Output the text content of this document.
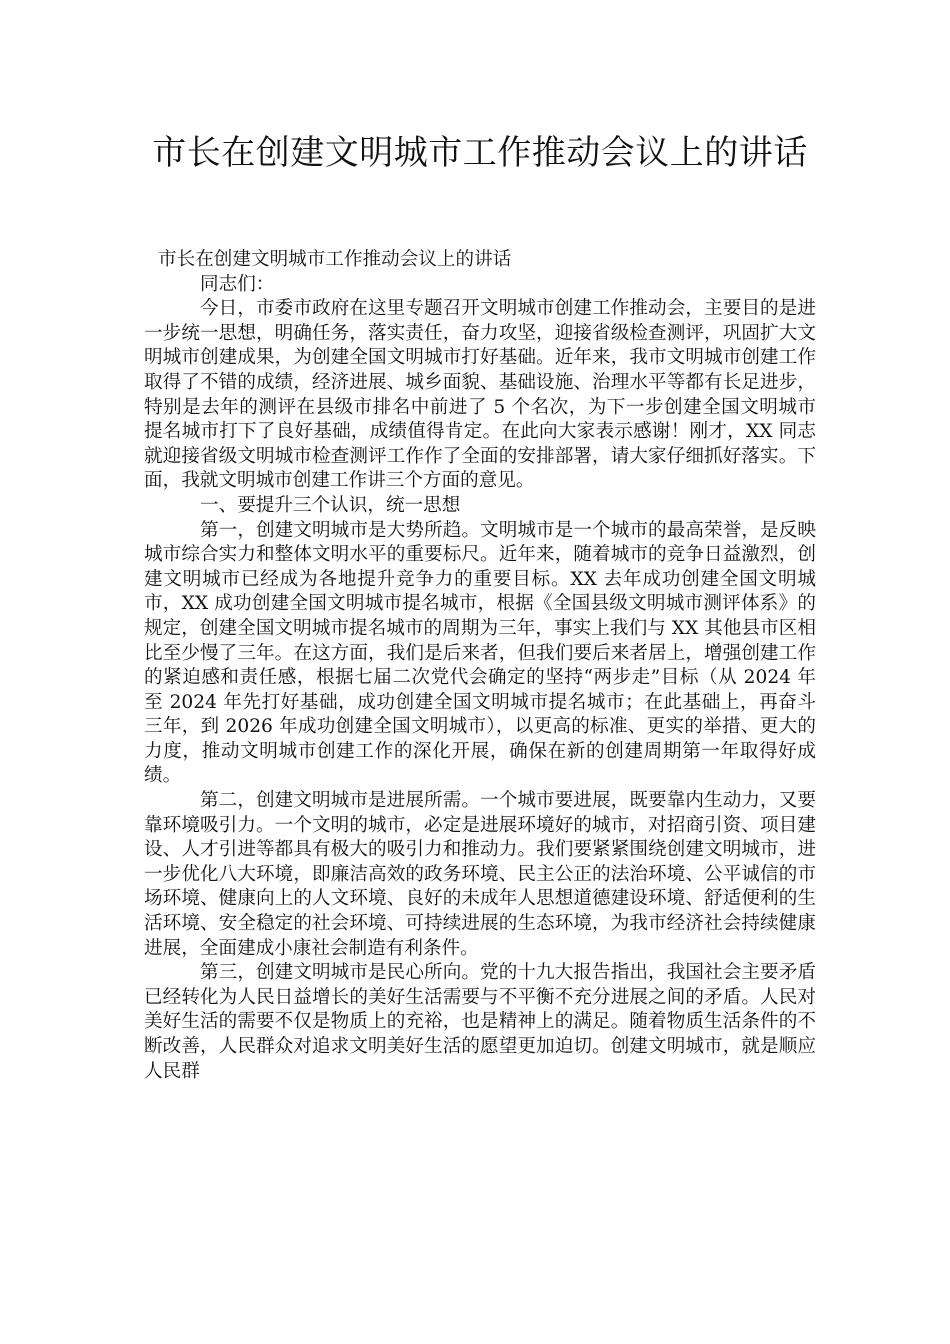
市长在创建文明城市工作推动会议上的讲话

市长在创建文明城市工作推动会议上的讲话

同志们：

今日，市委市政府在这里专题召开文明城市创建工作推动会，主要目的是进一步统一思想，明确任务，落实责任，奋力攻坚，迎接省级检查测评，巩固扩大文明城市创建成果，为创建全国文明城市打好基础。近年来，我市文明城市创建工作取得了不错的成绩，经济进展、城乡面貌、基础设施、治理水平等都有长足进步，特别是去年的测评在县级市排名中前进了 5 个名次，为下一步创建全国文明城市提名城市打下了良好基础，成绩值得肯定。在此向大家表示感谢！刚才，XX 同志就迎接省级文明城市检查测评工作作了全面的安排部署，请大家仔细抓好落实。下面，我就文明城市创建工作讲三个方面的意见。

一、要提升三个认识，统一思想

第一，创建文明城市是大势所趋。文明城市是一个城市的最高荣誉，是反映城市综合实力和整体文明水平的重要标尺。近年来，随着城市的竞争日益激烈，创建文明城市已经成为各地提升竞争力的重要目标。XX 去年成功创建全国文明城市，XX 成功创建全国文明城市提名城市，根据《全国县级文明城市测评体系》的规定，创建全国文明城市提名城市的周期为三年，事实上我们与 XX 其他县市区相比至少慢了三年。在这方面，我们是后来者，但我们要后来者居上，增强创建工作的紧迫感和责任感，根据七届二次党代会确定的坚持“两步走”目标（从 2024 年至 2024 年先打好基础，成功创建全国文明城市提名城市；在此基础上，再奋斗三年，到 2026 年成功创建全国文明城市），以更高的标准、更实的举措、更大的力度，推动文明城市创建工作的深化开展，确保在新的创建周期第一年取得好成绩。

第二，创建文明城市是进展所需。一个城市要进展，既要靠内生动力，又要靠环境吸引力。一个文明的城市，必定是进展环境好的城市，对招商引资、项目建设、人才引进等都具有极大的吸引力和推动力。我们要紧紧围绕创建文明城市，进一步优化八大环境，即廉洁高效的政务环境、民主公正的法治环境、公平诚信的市场环境、健康向上的人文环境、良好的未成年人思想道德建设环境、舒适便利的生活环境、安全稳定的社会环境、可持续进展的生态环境，为我市经济社会持续健康进展，全面建成小康社会制造有利条件。

第三，创建文明城市是民心所向。党的十九大报告指出，我国社会主要矛盾已经转化为人民日益增长的美好生活需要与不平衡不充分进展之间的矛盾。人民对美好生活的需要不仅是物质上的充裕，也是精神上的满足。随着物质生活条件的不断改善，人民群众对追求文明美好生活的愿望更加迫切。创建文明城市，就是顺应人民群
